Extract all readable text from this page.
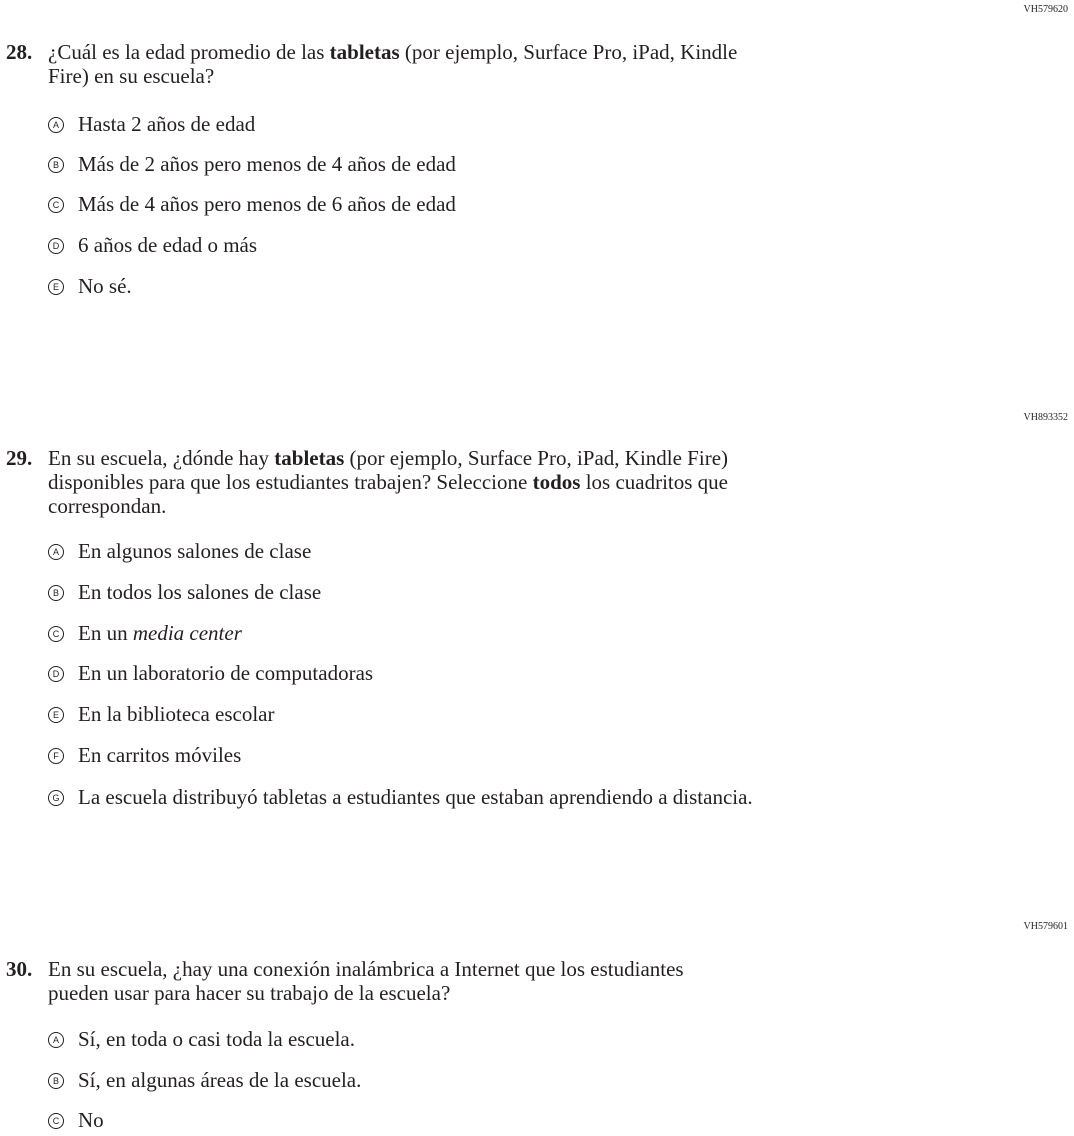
VH579620
28. ¿Cuál es la edad promedio de las tabletas (por ejemplo, Surface Pro, iPad, Kindle
Fire) en su escuela?
A Hasta 2 años de edad
B Más de 2 años pero menos de 4 años de edad
C Más de 4 años pero menos de 6 años de edad
D 6 años de edad o más
E No sé.
VH893352
29. En su escuela, ¿dónde hay tabletas (por ejemplo, Surface Pro, iPad, Kindle Fire)
disponibles para que los estudiantes trabajen? Seleccione todos los cuadritos que
correspondan.
A En algunos salones de clase
B En todos los salones de clase
C En un media center
D En un laboratorio de computadoras
E En la biblioteca escolar
F En carritos móviles
G La escuela distribuyó tabletas a estudiantes que estaban aprendiendo a distancia.
VH579601
30. En su escuela, ¿hay una conexión inalámbrica a Internet que los estudiantes
pueden usar para hacer su trabajo de la escuela?
A Sí, en toda o casi toda la escuela.
B Sí, en algunas áreas de la escuela.
C No
